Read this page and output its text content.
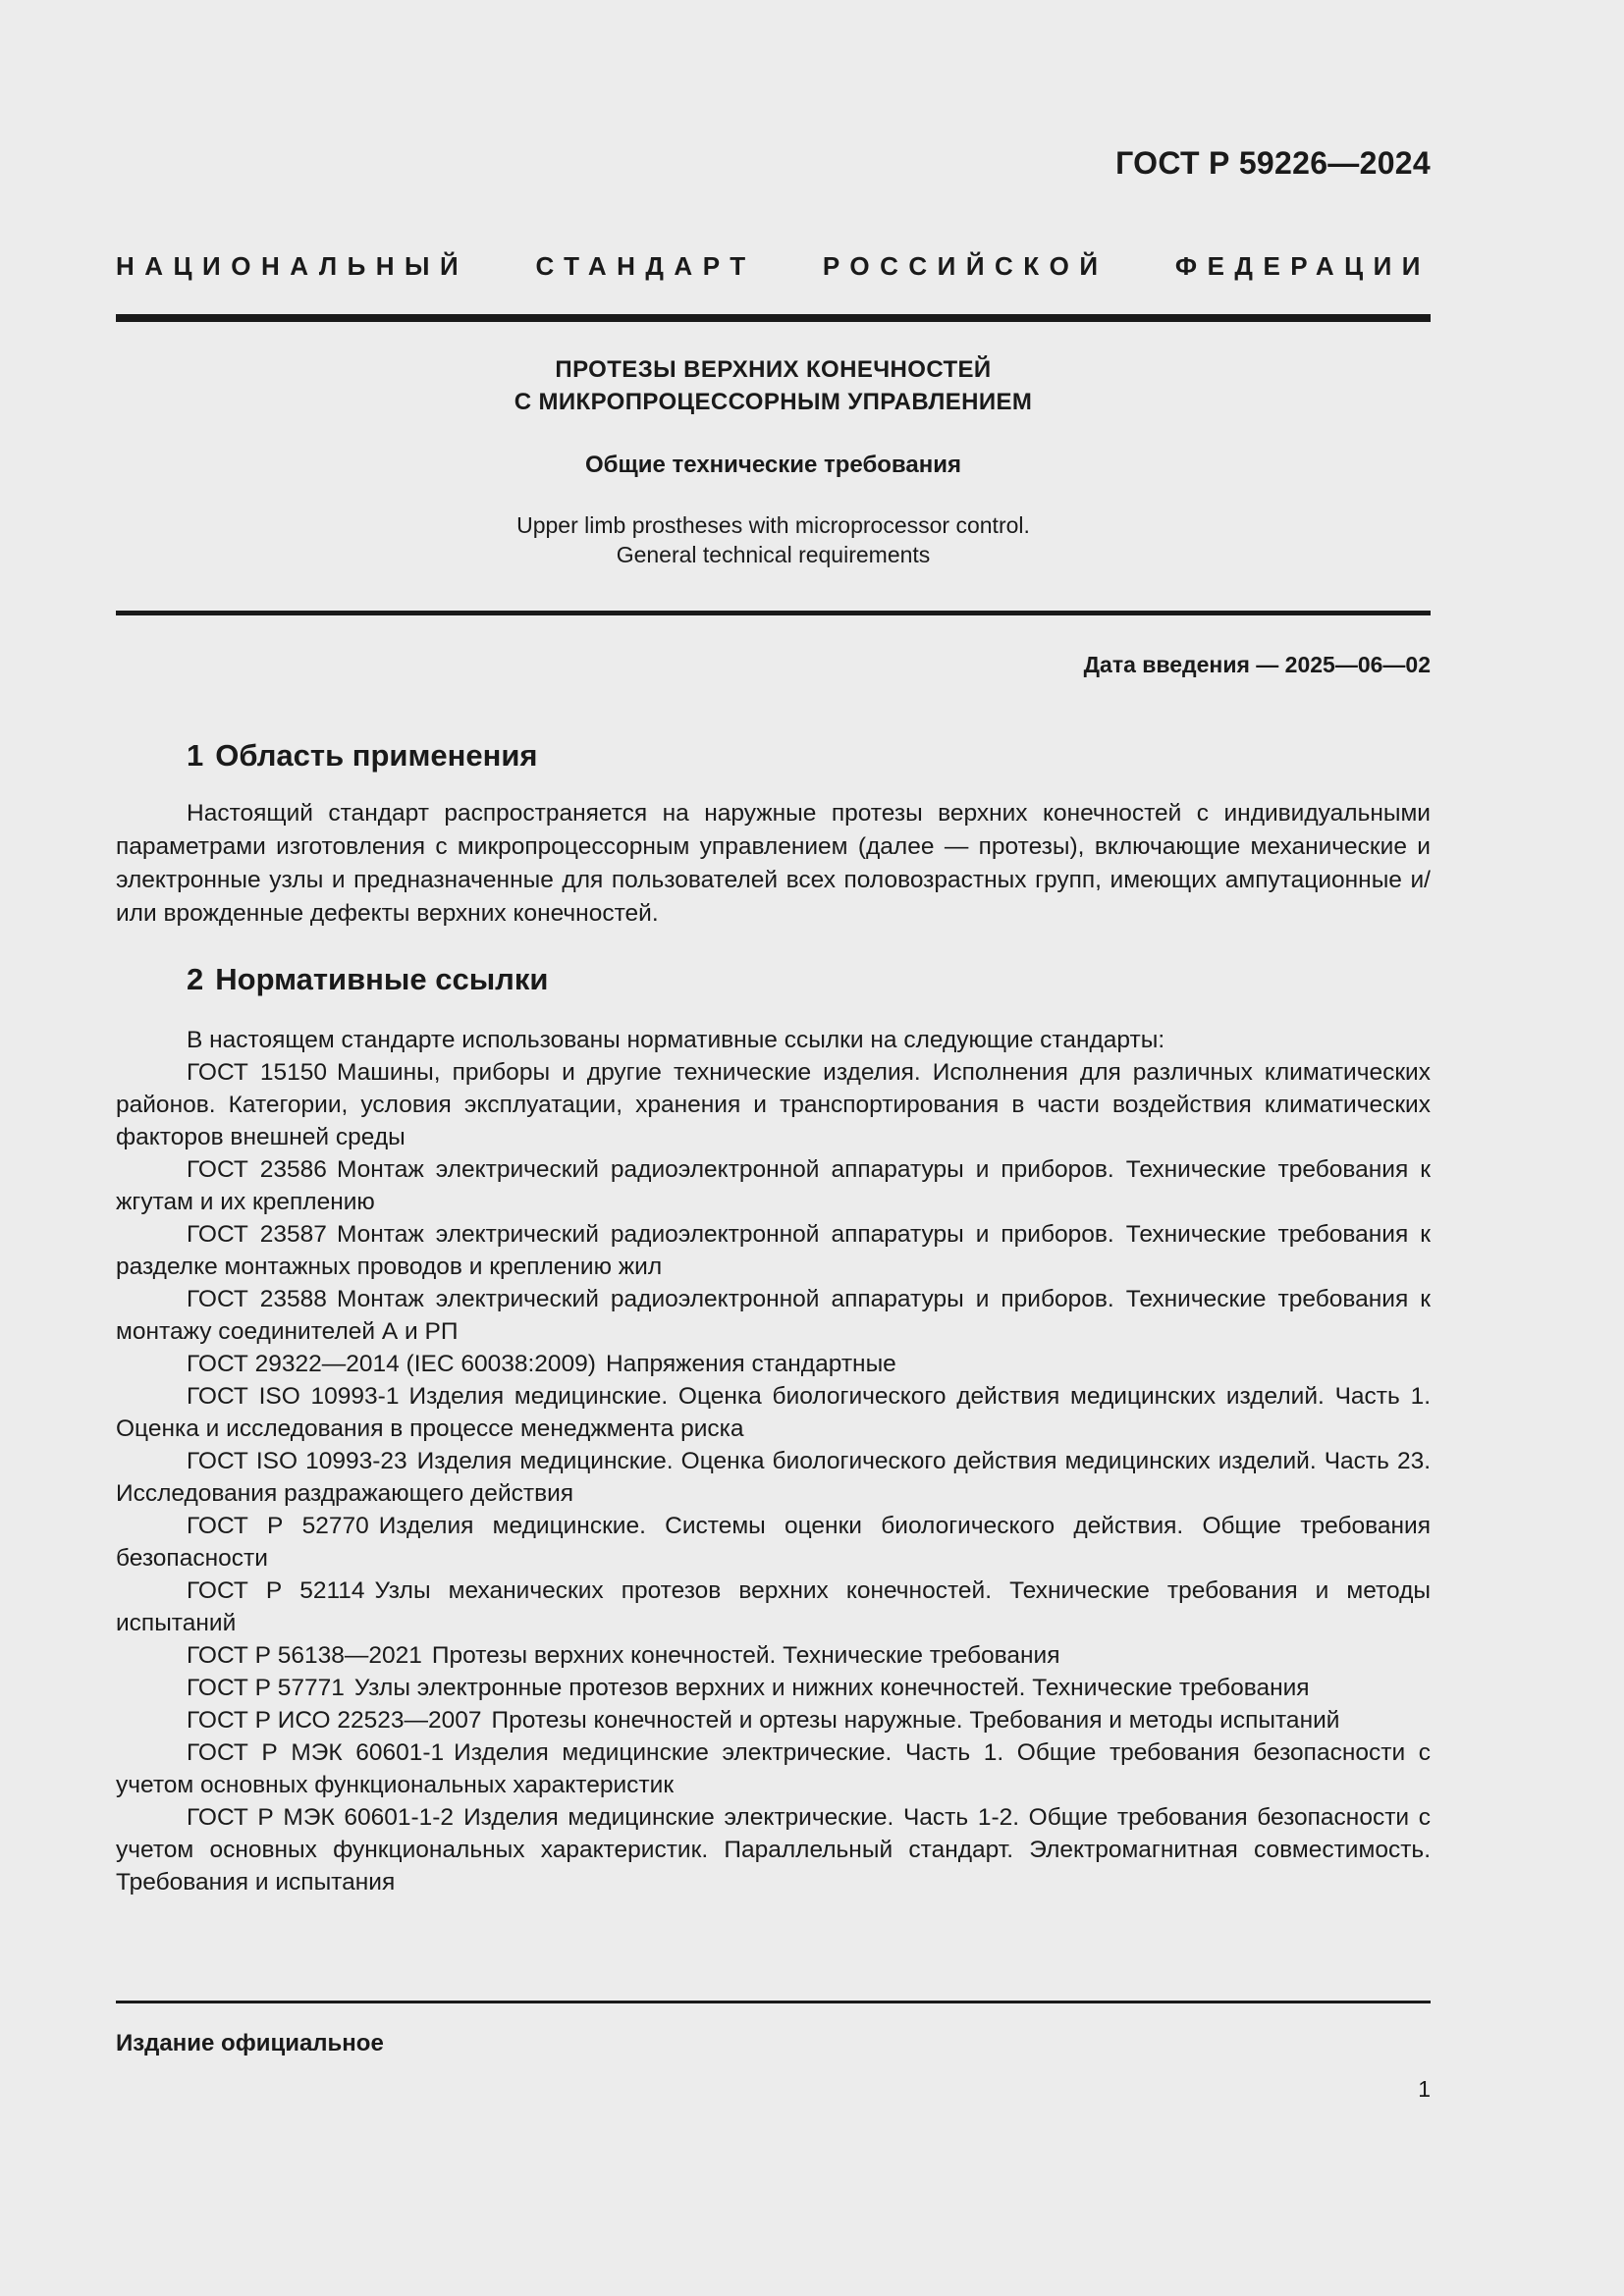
ГОСТ Р 59226—2024
НАЦИОНАЛЬНЫЙ СТАНДАРТ РОССИЙСКОЙ ФЕДЕРАЦИИ
ПРОТЕЗЫ ВЕРХНИХ КОНЕЧНОСТЕЙ
С МИКРОПРОЦЕССОРНЫМ УПРАВЛЕНИЕМ
Общие технические требования
Upper limb prostheses with microprocessor control.
General technical requirements
Дата введения — 2025—06—02
1 Область применения

Настоящий стандарт распространяется на наружные протезы верхних конечностей с индивидуальными параметрами изготовления с микропроцессорным управлением (далее — протезы), включающие механические и электронные узлы и предназначенные для пользователей всех половозрастных групп, имеющих ампутационные и/или врожденные дефекты верхних конечностей.

2 Нормативные ссылки
В настоящем стандарте использованы нормативные ссылки на следующие стандарты:
ГОСТ 15150 Машины, приборы и другие технические изделия. Исполнения для различных климатических районов. Категории, условия эксплуатации, хранения и транспортирования в части воздействия климатических факторов внешней среды
ГОСТ 23586 Монтаж электрический радиоэлектронной аппаратуры и приборов. Технические требования к жгутам и их креплению
ГОСТ 23587 Монтаж электрический радиоэлектронной аппаратуры и приборов. Технические требования к разделке монтажных проводов и креплению жил
ГОСТ 23588 Монтаж электрический радиоэлектронной аппаратуры и приборов. Технические требования к монтажу соединителей А и РП
ГОСТ 29322—2014 (IEC 60038:2009) Напряжения стандартные
ГОСТ ISO 10993-1 Изделия медицинские. Оценка биологического действия медицинских изделий. Часть 1. Оценка и исследования в процессе менеджмента риска
ГОСТ ISO 10993-23 Изделия медицинские. Оценка биологического действия медицинских изделий. Часть 23. Исследования раздражающего действия
ГОСТ Р 52770 Изделия медицинские. Системы оценки биологического действия. Общие требования безопасности
ГОСТ Р 52114 Узлы механических протезов верхних конечностей. Технические требования и методы испытаний
ГОСТ Р 56138—2021 Протезы верхних конечностей. Технические требования
ГОСТ Р 57771 Узлы электронные протезов верхних и нижних конечностей. Технические требования
ГОСТ Р ИСО 22523—2007 Протезы конечностей и ортезы наружные. Требования и методы испытаний
ГОСТ Р МЭК 60601-1 Изделия медицинские электрические. Часть 1. Общие требования безопасности с учетом основных функциональных характеристик
ГОСТ Р МЭК 60601-1-2 Изделия медицинские электрические. Часть 1-2. Общие требования безопасности с учетом основных функциональных характеристик. Параллельный стандарт. Электромагнитная совместимость. Требования и испытания
Издание официальное
1
